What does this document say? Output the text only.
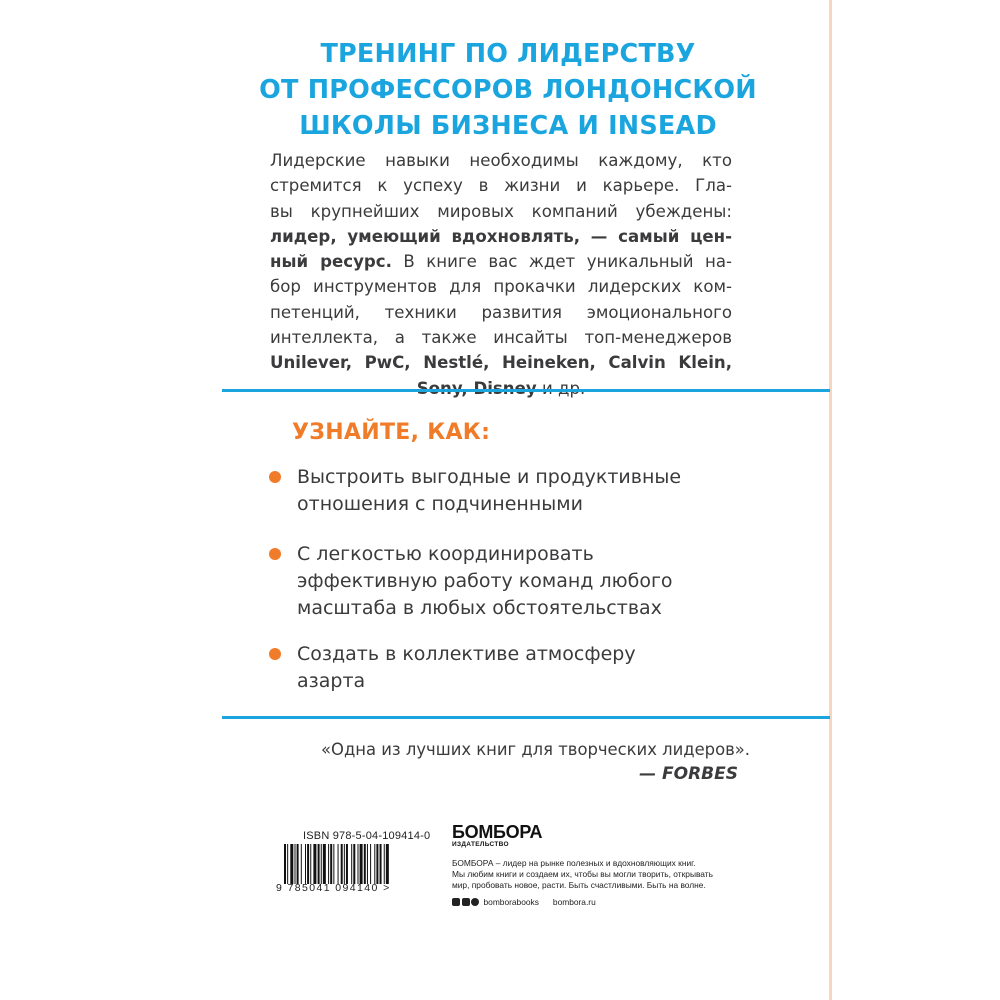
ТРЕНИНГ ПО ЛИДЕРСТВУ
ОТ ПРОФЕССОРОВ ЛОНДОНСКОЙ
ШКОЛЫ БИЗНЕСА И INSEAD
Лидерские навыки необходимы каждому, кто
стремится к успеху в жизни и карьере. Гла-
вы крупнейших мировых компаний убеждены:
лидер, умеющий вдохновлять, — самый цен-
ный ресурс. В книге вас ждет уникальный на-
бор инструментов для прокачки лидерских ком-
петенций, техники развития эмоционального
интеллекта, а также инсайты топ-менеджеров
Unilever, PwC, Nestlé, Heineken, Calvin Klein,
УЗНАЙТЕ, КАК:
Выстроить выгодные и продуктивные
отношения с подчиненными
С легкостью координировать
эффективную работу команд любого
масштаба в любых обстоятельствах
Создать в коллективе атмосферу
азарта
«Одна из лучших книг для творческих лидеров».
— FORBES
ISBN 978-5-04-109414-0
9 785041 094140 >
БОМБОРА
ИЗДАТЕЛЬСТВО
БОМБОРА – лидер на рынке полезных и вдохновляющих книг.
Мы любим книги и создаем их, чтобы вы могли творить, открывать
мир, пробовать новое, расти. Быть счастливыми. Быть на волне.
bomborabooks bombora.ru
